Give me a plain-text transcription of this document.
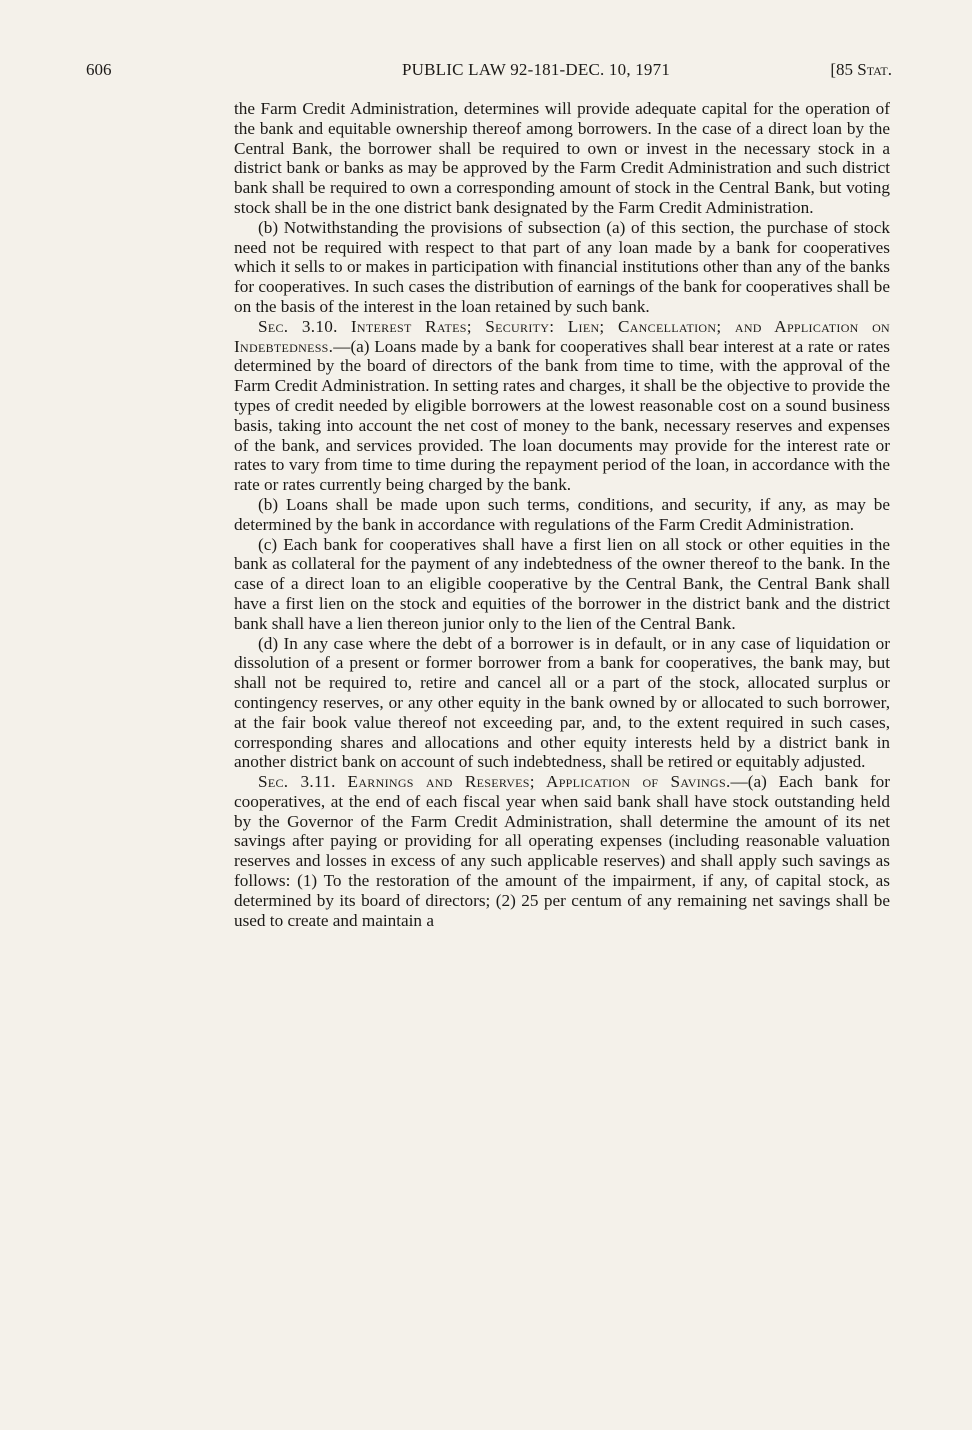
606	PUBLIC LAW 92-181-DEC. 10, 1971	[85 Stat.

the Farm Credit Administration, determines will provide adequate capital for the operation of the bank and equitable ownership thereof among borrowers. In the case of a direct loan by the Central Bank, the borrower shall be required to own or invest in the necessary stock in a district bank or banks as may be approved by the Farm Credit Administration and such district bank shall be required to own a corresponding amount of stock in the Central Bank, but voting stock shall be in the one district bank designated by the Farm Credit Administration.

(b) Notwithstanding the provisions of subsection (a) of this section, the purchase of stock need not be required with respect to that part of any loan made by a bank for cooperatives which it sells to or makes in participation with financial institutions other than any of the banks for cooperatives. In such cases the distribution of earnings of the bank for cooperatives shall be on the basis of the interest in the loan retained by such bank.

Sec. 3.10. Interest Rates; Security: Lien; Cancellation; and Application on Indebtedness.—(a) Loans made by a bank for cooperatives shall bear interest at a rate or rates determined by the board of directors of the bank from time to time, with the approval of the Farm Credit Administration. In setting rates and charges, it shall be the objective to provide the types of credit needed by eligible borrowers at the lowest reasonable cost on a sound business basis, taking into account the net cost of money to the bank, necessary reserves and expenses of the bank, and services provided. The loan documents may provide for the interest rate or rates to vary from time to time during the repayment period of the loan, in accordance with the rate or rates currently being charged by the bank.

(b) Loans shall be made upon such terms, conditions, and security, if any, as may be determined by the bank in accordance with regulations of the Farm Credit Administration.

(c) Each bank for cooperatives shall have a first lien on all stock or other equities in the bank as collateral for the payment of any indebtedness of the owner thereof to the bank. In the case of a direct loan to an eligible cooperative by the Central Bank, the Central Bank shall have a first lien on the stock and equities of the borrower in the district bank and the district bank shall have a lien thereon junior only to the lien of the Central Bank.

(d) In any case where the debt of a borrower is in default, or in any case of liquidation or dissolution of a present or former borrower from a bank for cooperatives, the bank may, but shall not be required to, retire and cancel all or a part of the stock, allocated surplus or contingency reserves, or any other equity in the bank owned by or allocated to such borrower, at the fair book value thereof not exceeding par, and, to the extent required in such cases, corresponding shares and allocations and other equity interests held by a district bank in another district bank on account of such indebtedness, shall be retired or equitably adjusted.

Sec. 3.11. Earnings and Reserves; Application of Savings.—(a) Each bank for cooperatives, at the end of each fiscal year when said bank shall have stock outstanding held by the Governor of the Farm Credit Administration, shall determine the amount of its net savings after paying or providing for all operating expenses (including reasonable valuation reserves and losses in excess of any such applicable reserves) and shall apply such savings as follows: (1) To the restoration of the amount of the impairment, if any, of capital stock, as determined by its board of directors; (2) 25 per centum of any remaining net savings shall be used to create and maintain a
